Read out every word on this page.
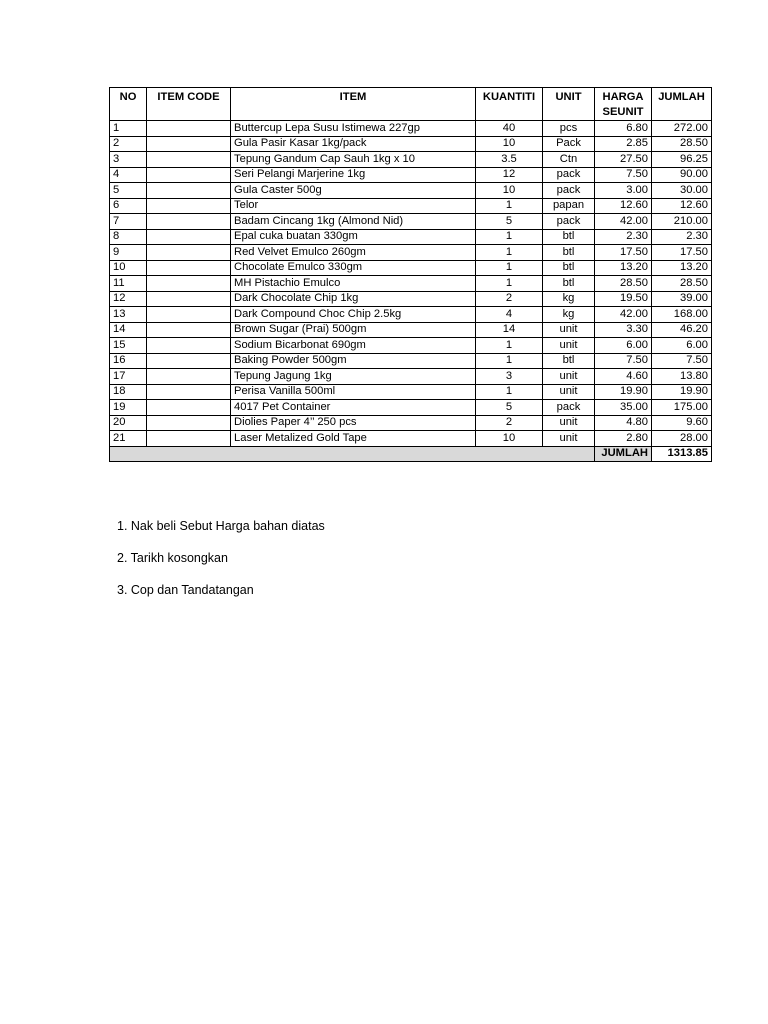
NO	ITEM CODE	ITEM	KUANTITI	UNIT	HARGA SEUNIT	JUMLAH
1		Buttercup Lepa Susu Istimewa 227gp	40	pcs	6.80	272.00
2		Gula Pasir Kasar 1kg/pack	10	Pack	2.85	28.50
3		Tepung Gandum Cap Sauh 1kg x 10	3.5	Ctn	27.50	96.25
4		Seri Pelangi Marjerine 1kg	12	pack	7.50	90.00
5		Gula Caster 500g	10	pack	3.00	30.00
6		Telor	1	papan	12.60	12.60
7		Badam Cincang 1kg (Almond Nid)	5	pack	42.00	210.00
8		Epal cuka buatan 330gm	1	btl	2.30	2.30
9		Red Velvet Emulco 260gm	1	btl	17.50	17.50
10		Chocolate Emulco 330gm	1	btl	13.20	13.20
11		MH Pistachio Emulco	1	btl	28.50	28.50
12		Dark Chocolate Chip 1kg	2	kg	19.50	39.00
13		Dark Compound Choc Chip 2.5kg	4	kg	42.00	168.00
14		Brown Sugar (Prai) 500gm	14	unit	3.30	46.20
15		Sodium Bicarbonat 690gm	1	unit	6.00	6.00
16		Baking Powder 500gm	1	btl	7.50	7.50
17		Tepung Jagung 1kg	3	unit	4.60	13.80
18		Perisa Vanilla 500ml	1	unit	19.90	19.90
19		4017 Pet Container	5	pack	35.00	175.00
20		Diolies Paper 4’’ 250 pcs	2	unit	4.80	9.60
21		Laser Metalized Gold Tape	10	unit	2.80	28.00
					JUMLAH	1313.85
1. Nak beli Sebut Harga bahan diatas
2. Tarikh kosongkan
3. Cop dan Tandatangan
